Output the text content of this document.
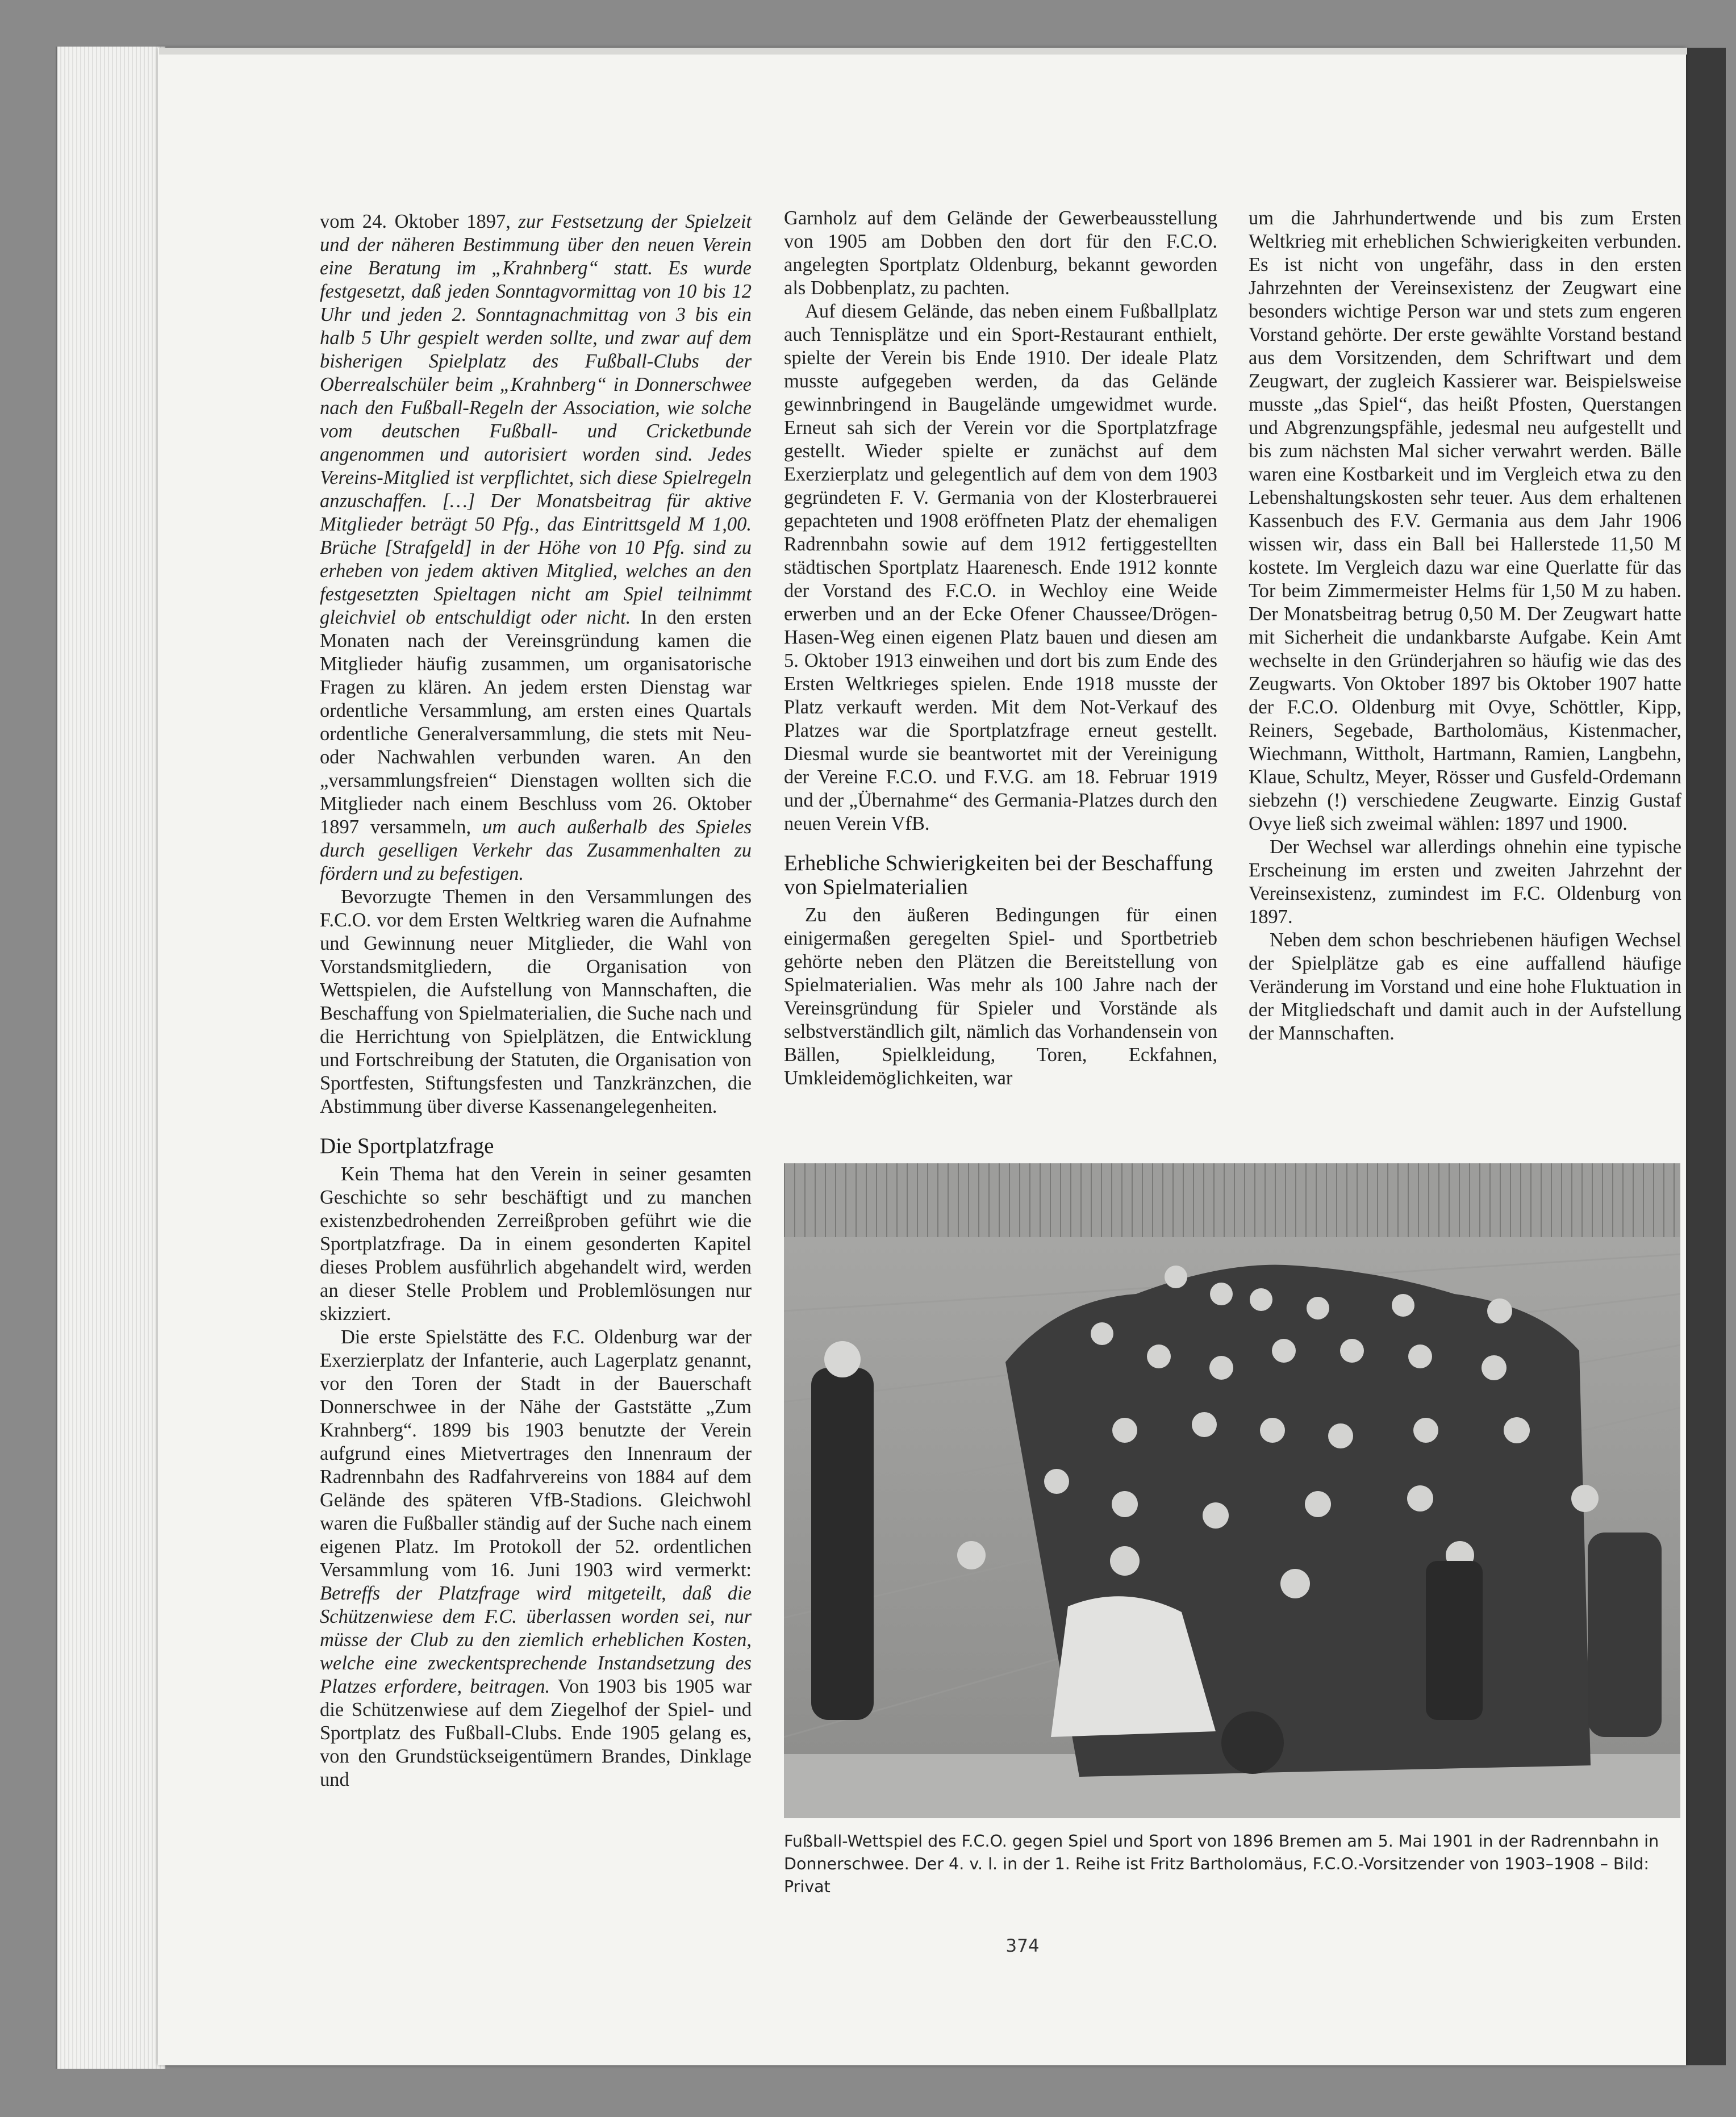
vom 24. Oktober 1897, zur Festsetzung der Spielzeit und der näheren Bestimmung über den neuen Verein eine Beratung im „Krahnberg“ statt. Es wurde festgesetzt, daß jeden Sonntagvormittag von 10 bis 12 Uhr und jeden 2. Sonntagnachmittag von 3 bis ein halb 5 Uhr gespielt werden sollte, und zwar auf dem bisherigen Spielplatz des Fußball-Clubs der Oberrealschüler beim „Krahnberg“ in Donnerschwee nach den Fußball-Regeln der Association, wie solche vom deutschen Fußball- und Cricketbunde angenommen und autorisiert worden sind. Jedes Vereins-Mitglied ist verpflichtet, sich diese Spielregeln anzuschaffen. […] Der Monatsbeitrag für aktive Mitglieder beträgt 50 Pfg., das Eintrittsgeld M 1,00. Brüche [Strafgeld] in der Höhe von 10 Pfg. sind zu erheben von jedem aktiven Mitglied, welches an den festgesetzten Spieltagen nicht am Spiel teilnimmt gleichviel ob entschuldigt oder nicht. In den ersten Monaten nach der Vereinsgründung kamen die Mitglieder häufig zusammen, um organisatorische Fragen zu klären. An jedem ersten Dienstag war ordentliche Versammlung, am ersten eines Quartals ordentliche Generalversammlung, die stets mit Neu- oder Nachwahlen verbunden waren. An den „versammlungsfreien“ Dienstagen wollten sich die Mitglieder nach einem Beschluss vom 26. Oktober 1897 versammeln, um auch außerhalb des Spieles durch geselligen Verkehr das Zusammenhalten zu fördern und zu befestigen.

Bevorzugte Themen in den Versammlungen des F.C.O. vor dem Ersten Weltkrieg waren die Aufnahme und Gewinnung neuer Mitglieder, die Wahl von Vorstandsmitgliedern, die Organisation von Wettspielen, die Aufstellung von Mannschaften, die Beschaffung von Spielmaterialien, die Suche nach und die Herrichtung von Spielplätzen, die Entwicklung und Fortschreibung der Statuten, die Organisation von Sportfesten, Stiftungsfesten und Tanzkränzchen, die Abstimmung über diverse Kassenangelegenheiten.

Die Sportplatzfrage

Kein Thema hat den Verein in seiner gesamten Geschichte so sehr beschäftigt und zu manchen existenzbedrohenden Zerreißproben geführt wie die Sportplatzfrage. Da in einem gesonderten Kapitel dieses Problem ausführlich abgehandelt wird, werden an dieser Stelle Problem und Problemlösungen nur skizziert.

Die erste Spielstätte des F.C. Oldenburg war der Exerzierplatz der Infanterie, auch Lagerplatz genannt, vor den Toren der Stadt in der Bauerschaft Donnerschwee in der Nähe der Gaststätte „Zum Krahnberg“. 1899 bis 1903 benutzte der Verein aufgrund eines Mietvertrages den Innenraum der Radrennbahn des Radfahrvereins von 1884 auf dem Gelände des späteren VfB-Stadions. Gleichwohl waren die Fußballer ständig auf der Suche nach einem eigenen Platz. Im Protokoll der 52. ordentlichen Versammlung vom 16. Juni 1903 wird vermerkt: Betreffs der Platzfrage wird mitgeteilt, daß die Schützenwiese dem F.C. überlassen worden sei, nur müsse der Club zu den ziemlich erheblichen Kosten, welche eine zweckentsprechende Instandsetzung des Platzes erfordere, beitragen. Von 1903 bis 1905 war die Schützenwiese auf dem Ziegelhof der Spiel- und Sportplatz des Fußball-Clubs. Ende 1905 gelang es, von den Grundstückseigentümern Brandes, Dinklage und

Garnholz auf dem Gelände der Gewerbeausstellung von 1905 am Dobben den dort für den F.C.O. angelegten Sportplatz Oldenburg, bekannt geworden als Dobbenplatz, zu pachten.

Auf diesem Gelände, das neben einem Fußballplatz auch Tennisplätze und ein Sport-Restaurant enthielt, spielte der Verein bis Ende 1910. Der ideale Platz musste aufgegeben werden, da das Gelände gewinnbringend in Baugelände umgewidmet wurde. Erneut sah sich der Verein vor die Sportplatzfrage gestellt. Wieder spielte er zunächst auf dem Exerzierplatz und gelegentlich auf dem von dem 1903 gegründeten F. V. Germania von der Klosterbrauerei gepachteten und 1908 eröffneten Platz der ehemaligen Radrennbahn sowie auf dem 1912 fertiggestellten städtischen Sportplatz Haarenesch. Ende 1912 konnte der Vorstand des F.C.O. in Wechloy eine Weide erwerben und an der Ecke Ofener Chaussee/Drögen-Hasen-Weg einen eigenen Platz bauen und diesen am 5. Oktober 1913 einweihen und dort bis zum Ende des Ersten Weltkrieges spielen. Ende 1918 musste der Platz verkauft werden. Mit dem Not-Verkauf des Platzes war die Sportplatzfrage erneut gestellt. Diesmal wurde sie beantwortet mit der Vereinigung der Vereine F.C.O. und F.V.G. am 18. Februar 1919 und der „Übernahme“ des Germania-Platzes durch den neuen Verein VfB.

Erhebliche Schwierigkeiten bei der Beschaffung von Spielmaterialien

Zu den äußeren Bedingungen für einen einigermaßen geregelten Spiel- und Sportbetrieb gehörte neben den Plätzen die Bereitstellung von Spielmaterialien. Was mehr als 100 Jahre nach der Vereinsgründung für Spieler und Vorstände als selbstverständlich gilt, nämlich das Vorhandensein von Bällen, Spielkleidung, Toren, Eckfahnen, Umkleidemöglichkeiten, war

um die Jahrhundertwende und bis zum Ersten Weltkrieg mit erheblichen Schwierigkeiten verbunden. Es ist nicht von ungefähr, dass in den ersten Jahrzehnten der Vereinsexistenz der Zeugwart eine besonders wichtige Person war und stets zum engeren Vorstand gehörte. Der erste gewählte Vorstand bestand aus dem Vorsitzenden, dem Schriftwart und dem Zeugwart, der zugleich Kassierer war. Beispielsweise musste „das Spiel“, das heißt Pfosten, Querstangen und Abgrenzungspfähle, jedesmal neu aufgestellt und bis zum nächsten Mal sicher verwahrt werden. Bälle waren eine Kostbarkeit und im Vergleich etwa zu den Lebenshaltungskosten sehr teuer. Aus dem erhaltenen Kassenbuch des F.V. Germania aus dem Jahr 1906 wissen wir, dass ein Ball bei Hallerstede 11,50 M kostete. Im Vergleich dazu war eine Querlatte für das Tor beim Zimmermeister Helms für 1,50 M zu haben. Der Monatsbeitrag betrug 0,50 M. Der Zeugwart hatte mit Sicherheit die undankbarste Aufgabe. Kein Amt wechselte in den Gründerjahren so häufig wie das des Zeugwarts. Von Oktober 1897 bis Oktober 1907 hatte der F.C.O. Oldenburg mit Ovye, Schöttler, Kipp, Reiners, Segebade, Bartholomäus, Kistenmacher, Wiechmann, Wittholt, Hartmann, Ramien, Langbehn, Klaue, Schultz, Meyer, Rösser und Gusfeld-Ordemann siebzehn (!) verschiedene Zeugwarte. Einzig Gustaf Ovye ließ sich zweimal wählen: 1897 und 1900.

Der Wechsel war allerdings ohnehin eine typische Erscheinung im ersten und zweiten Jahrzehnt der Vereinsexistenz, zumindest im F.C. Oldenburg von 1897.

Neben dem schon beschriebenen häufigen Wechsel der Spielplätze gab es eine auffallend häufige Veränderung im Vorstand und eine hohe Fluktuation in der Mitgliedschaft und damit auch in der Aufstellung der Mannschaften.

Fußball-Wettspiel des F.C.O. gegen Spiel und Sport von 1896 Bremen am 5. Mai 1901 in der Radrennbahn in Donnerschwee. Der 4. v. l. in der 1. Reihe ist Fritz Bartholomäus, F.C.O.-Vorsitzender von 1903–1908 – Bild: Privat
374
